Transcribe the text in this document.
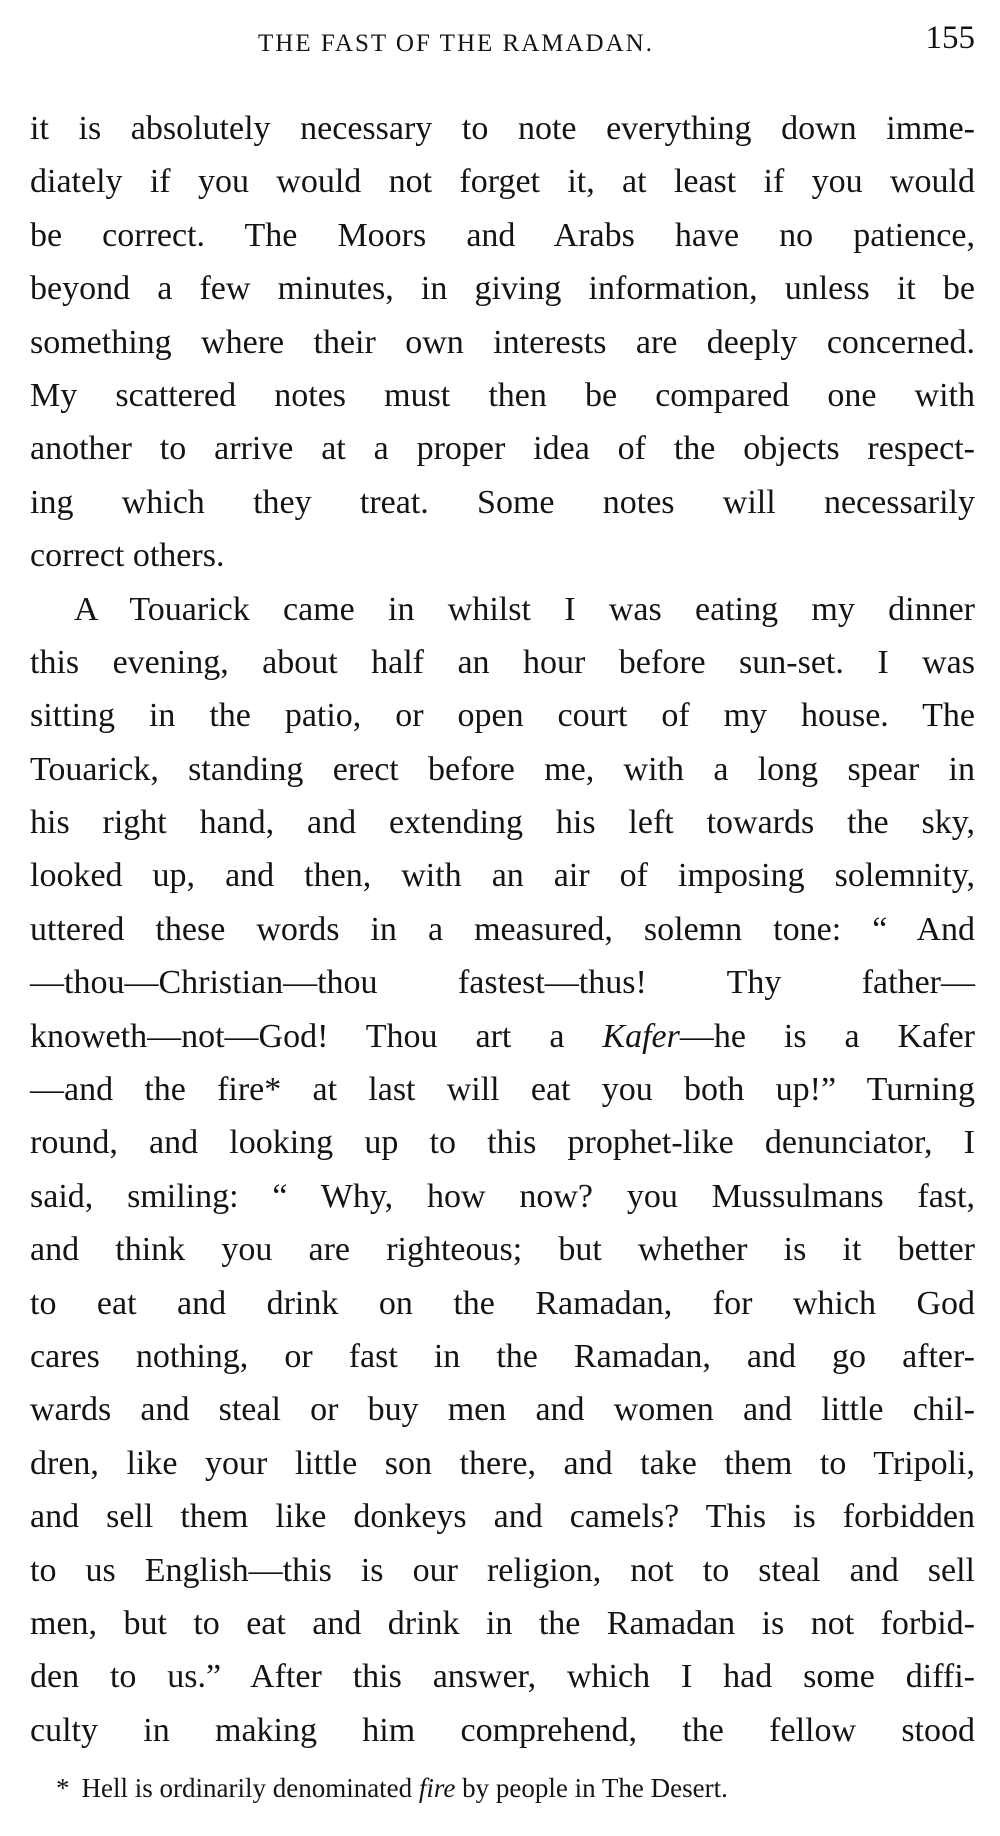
THE FAST OF THE RAMADAN.	155
it is absolutely necessary to note everything down imme-
diately if you would not forget it, at least if you would
be correct. The Moors and Arabs have no patience,
beyond a few minutes, in giving information, unless it be
something where their own interests are deeply concerned.
My scattered notes must then be compared one with
another to arrive at a proper idea of the objects respect-
ing which they treat. Some notes will necessarily
correct others.
A Touarick came in whilst I was eating my dinner
this evening, about half an hour before sun-set. I was
sitting in the patio, or open court of my house. The
Touarick, standing erect before me, with a long spear in
his right hand, and extending his left towards the sky,
looked up, and then, with an air of imposing solemnity,
uttered these words in a measured, solemn tone: “ And
—thou—Christian—thou fastest—thus! Thy father—
knoweth—not—God! Thou art a Kafer—he is a Kafer
—and the fire* at last will eat you both up!” Turning
round, and looking up to this prophet-like denunciator, I
said, smiling: “ Why, how now? you Mussulmans fast,
and think you are righteous; but whether is it better
to eat and drink on the Ramadan, for which God
cares nothing, or fast in the Ramadan, and go after-
wards and steal or buy men and women and little chil-
dren, like your little son there, and take them to Tripoli,
and sell them like donkeys and camels? This is forbidden
to us English—this is our religion, not to steal and sell
men, but to eat and drink in the Ramadan is not forbid-
den to us.” After this answer, which I had some diffi-
culty in making him comprehend, the fellow stood
* Hell is ordinarily denominated fire by people in The Desert.
